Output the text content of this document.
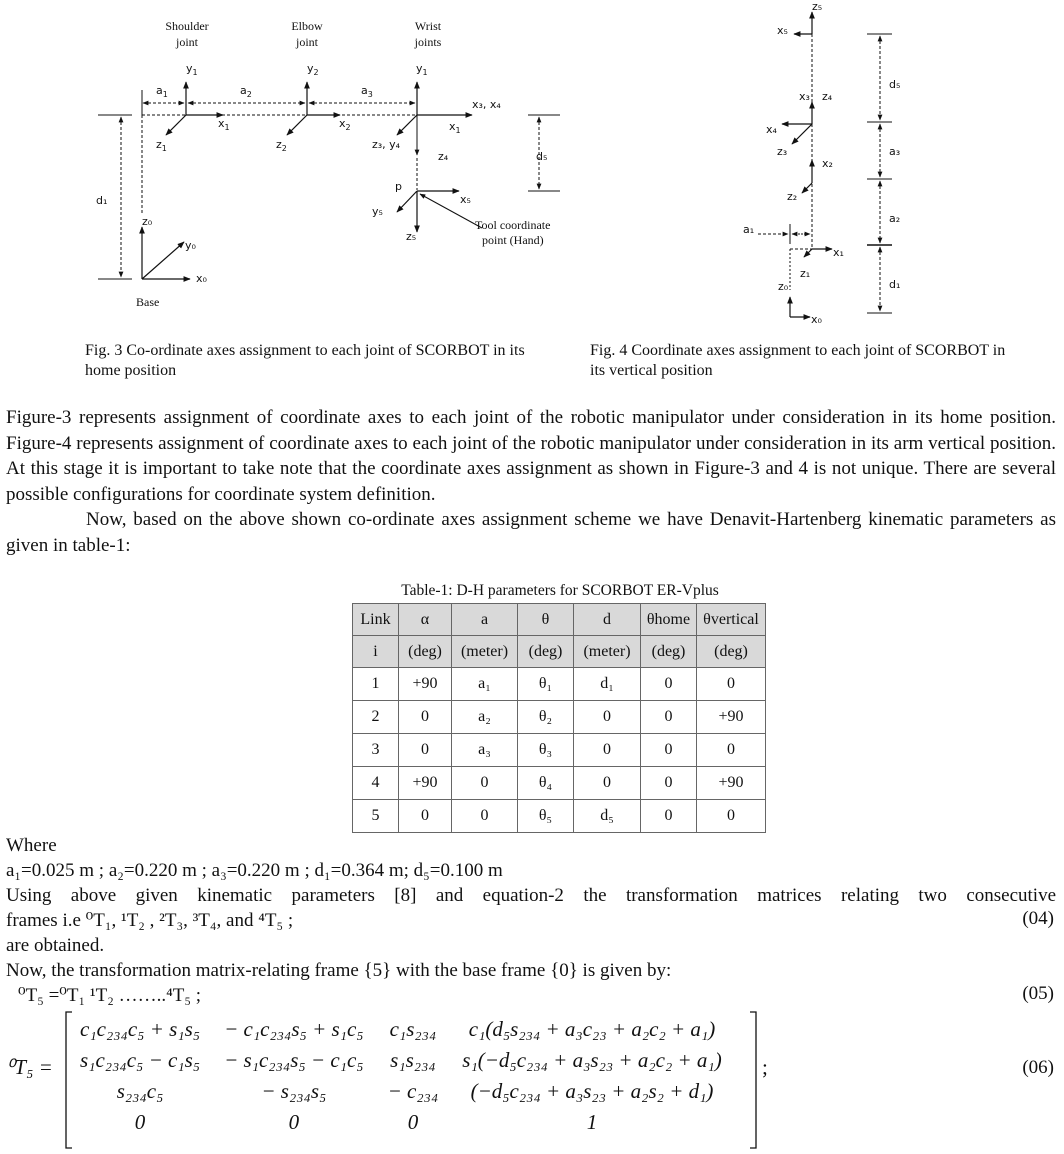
Shoulder
joint
Elbow
joint
Wrist
joints
$y_1$	$y_2$	$y_1$
$a_1$	$a_2$	$a_3$
$x_1$	$x_2$
x₃, x₄
$x_1$
$z_1$	$z_2$	z₃, y₄
z₄	d₅
d₁
z₀
y₀
x₀
Base
p
x₅
y₅
z₅
Tool coordinate
point (Hand)
z₅
x₅
x₃ z₄
x₄
z₃
x₂
z₂
a₁
x₁
z₁
z₀
x₀
d₅
a₃
a₂
d₁
Fig. 3 Co-ordinate axes assignment to each joint of SCORBOT in its
home position
Fig. 4 Coordinate axes assignment to each joint of SCORBOT in
its vertical position
Figure-3 represents assignment of coordinate axes to each joint of the robotic manipulator under consideration in its home position. Figure-4 represents assignment of coordinate axes to each joint of the robotic manipulator under consideration in its arm vertical position. At this stage it is important to take note that the coordinate axes assignment as shown in Figure-3 and 4 is not unique. There are several possible configurations for coordinate system definition.
Now, based on the above shown co-ordinate axes assignment scheme we have Denavit-Hartenberg kinematic parameters as given in table-1:
Table-1: D-H parameters for SCORBOT ER-Vplus
Link	α	a	θ	d	θhome	θvertical
i	(deg)	(meter)	(deg)	(meter)	(deg)	(deg)
1	+90	a₁	θ₁	d₁	0	0
2	0	a₂	θ₂	0	0	+90
3	0	a₃	θ₃	0	0	0
4	+90	0	θ₄	0	0	+90
5	0	0	θ₅	d₅	0	0
Where
a₁=0.025 m ; a₂=0.220 m ; a₃=0.220 m ; d₁=0.364 m; d₅=0.100 m
Using above given kinematic parameters [8] and equation-2 the transformation matrices relating two consecutive
frames i.e ⁰T₁, ¹T₂ , ²T₃, ³T₄, and ⁴T₅ ;	(04)
are obtained.
Now, the transformation matrix-relating frame {5} with the base frame {0} is given by:
⁰T₅ =⁰T₁ ¹T₂ ……..⁴T₅ ;	(05)
⁰T₅ =
c₁c₂₃₄c₅ + s₁s₅	− c₁c₂₃₄s₅ + s₁c₅	c₁s₂₃₄	c₁(d₅s₂₃₄ + a₃c₂₃ + a₂c₂ + a₁)
s₁c₂₃₄c₅ − c₁s₅	− s₁c₂₃₄s₅ − c₁c₅	s₁s₂₃₄	s₁(−d₅c₂₃₄ + a₃s₂₃ + a₂c₂ + a₁)
s₂₃₄c₅	− s₂₃₄s₅	− c₂₃₄	(−d₅c₂₃₄ + a₃s₂₃ + a₂s₂ + d₁)
0	0	0	1
;	(06)
